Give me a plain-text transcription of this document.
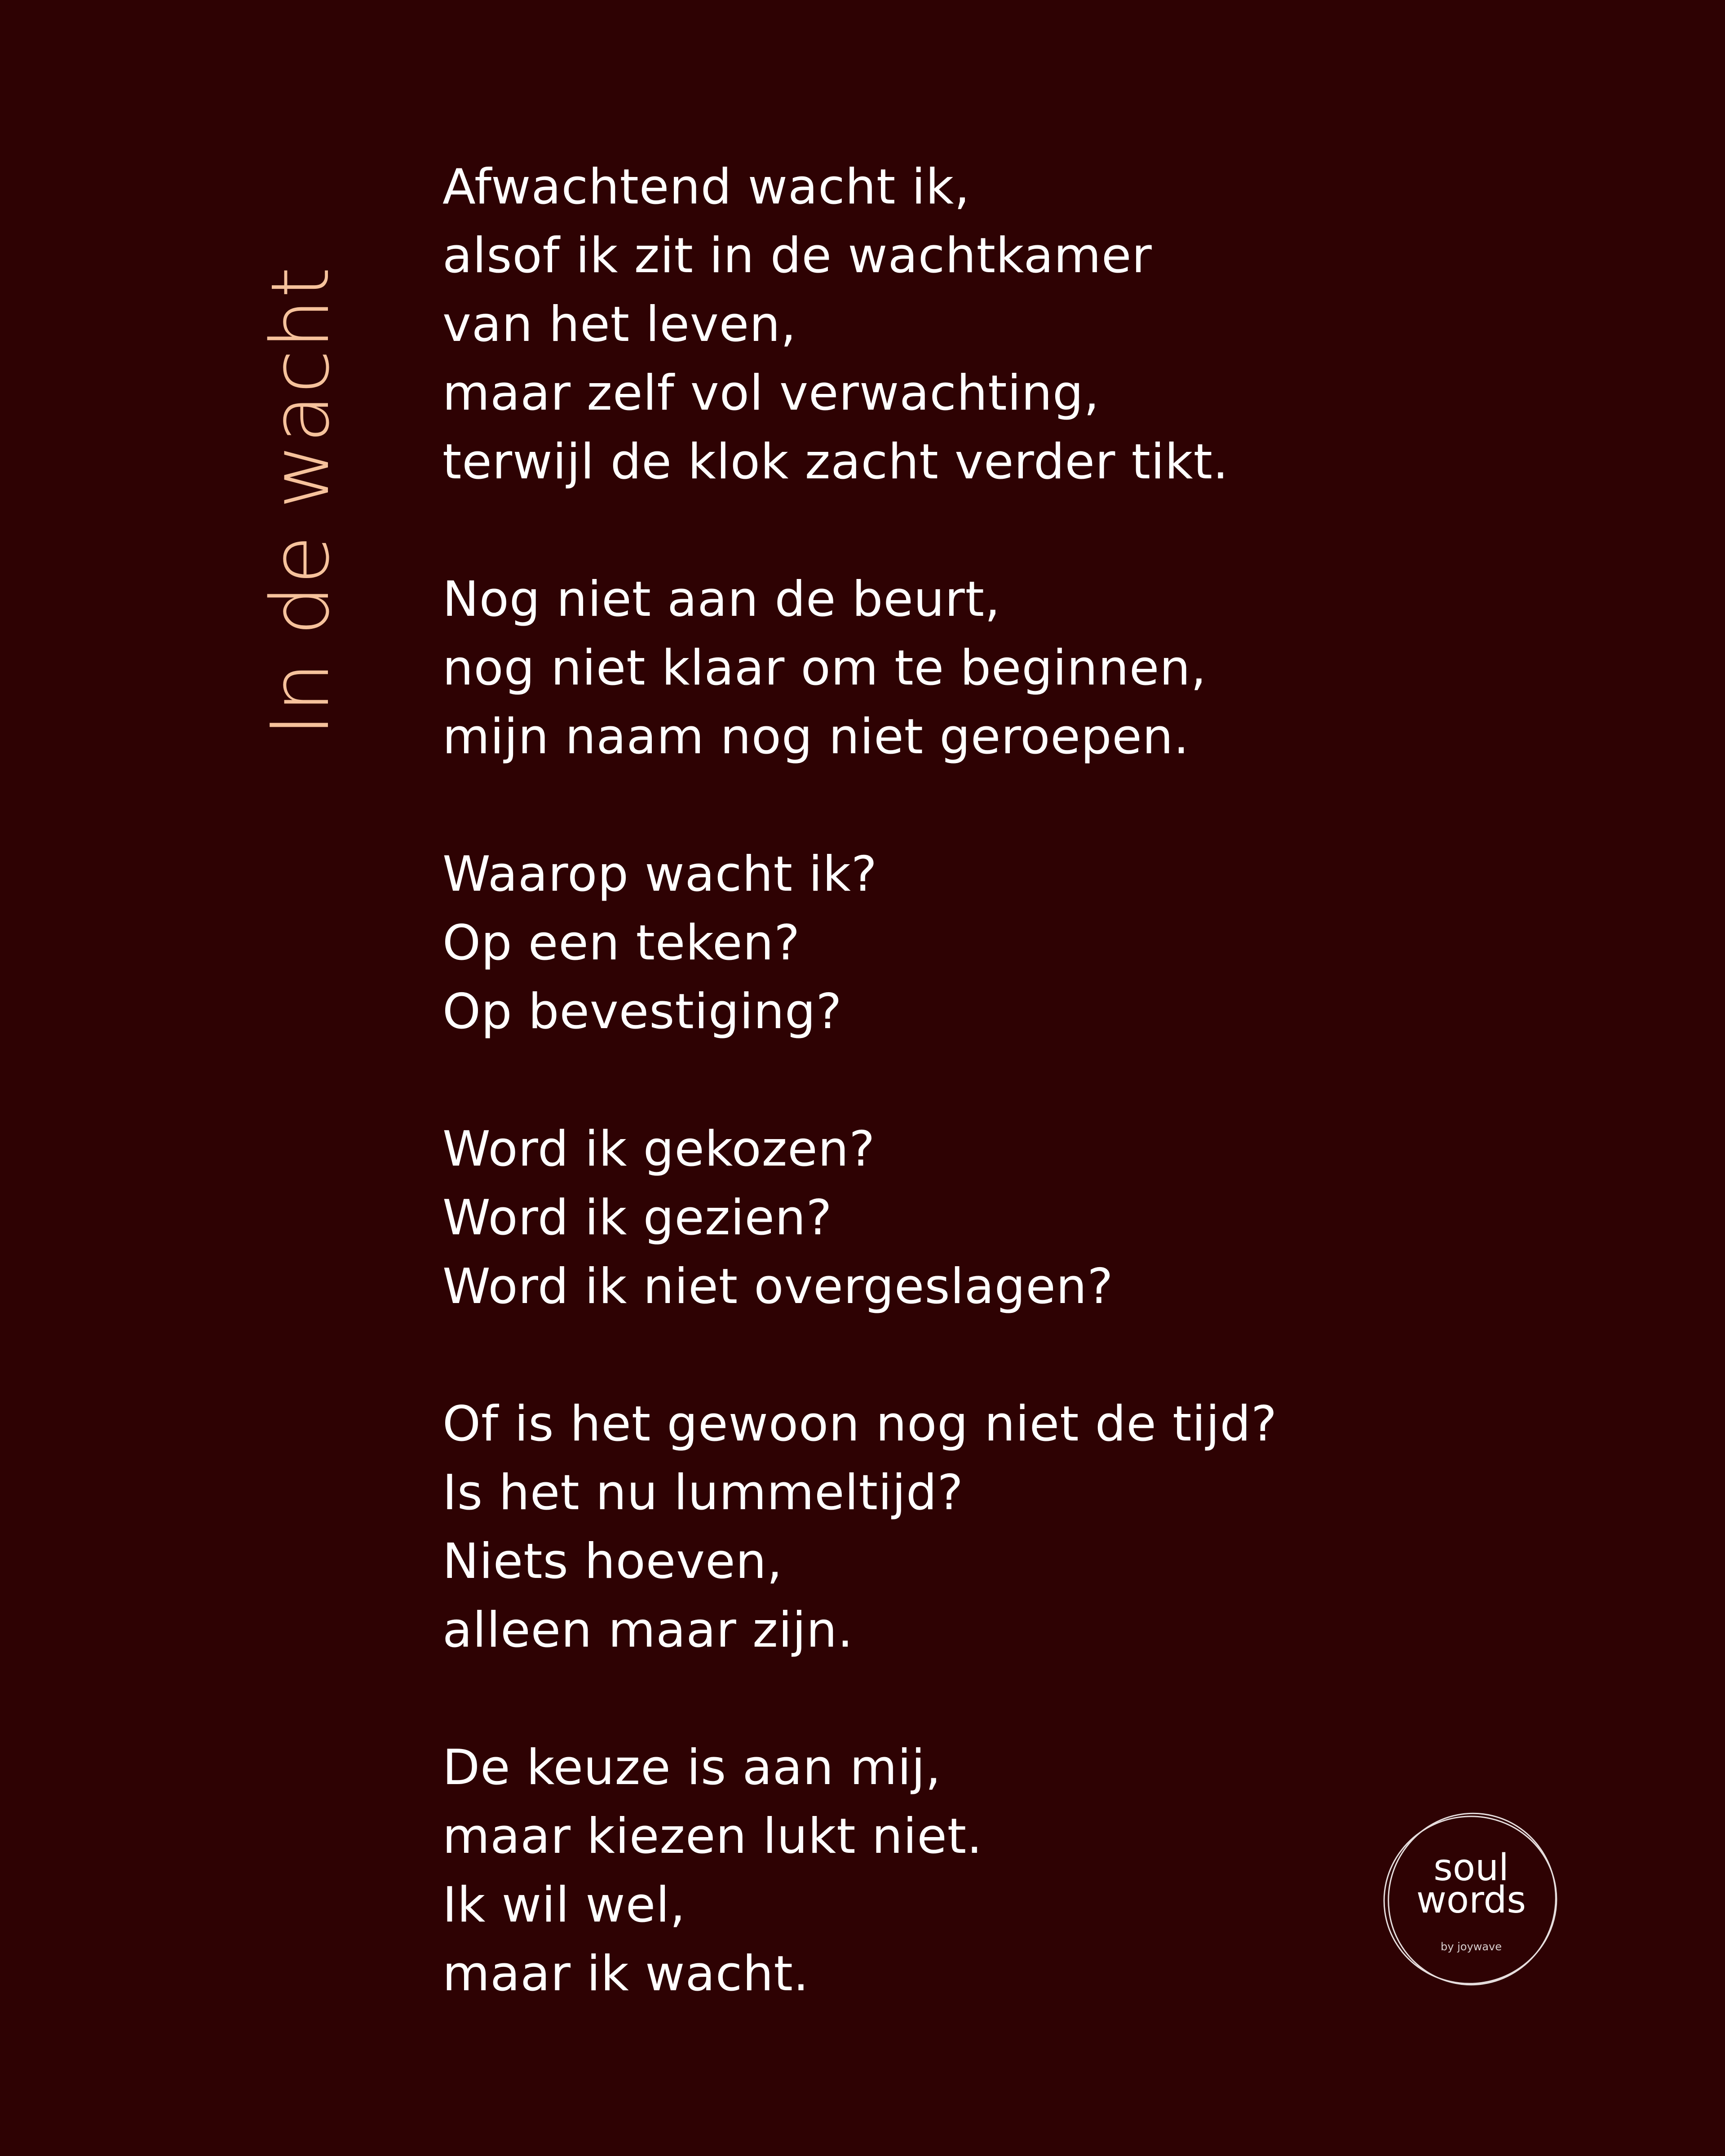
In de wacht
Afwachtend wacht ik,
alsof ik zit in de wachtkamer
van het leven,
maar zelf vol verwachting,
terwijl de klok zacht verder tikt.
Nog niet aan de beurt,
nog niet klaar om te beginnen,
mijn naam nog niet geroepen.
Waarop wacht ik?
Op een teken?
Op bevestiging?
Word ik gekozen?
Word ik gezien?
Word ik niet overgeslagen?
Of is het gewoon nog niet de tijd?
Is het nu lummeltijd?
Niets hoeven,
alleen maar zijn.
De keuze is aan mij,
maar kiezen lukt niet.
Ik wil wel,
maar ik wacht.
soul
words
by joywave
